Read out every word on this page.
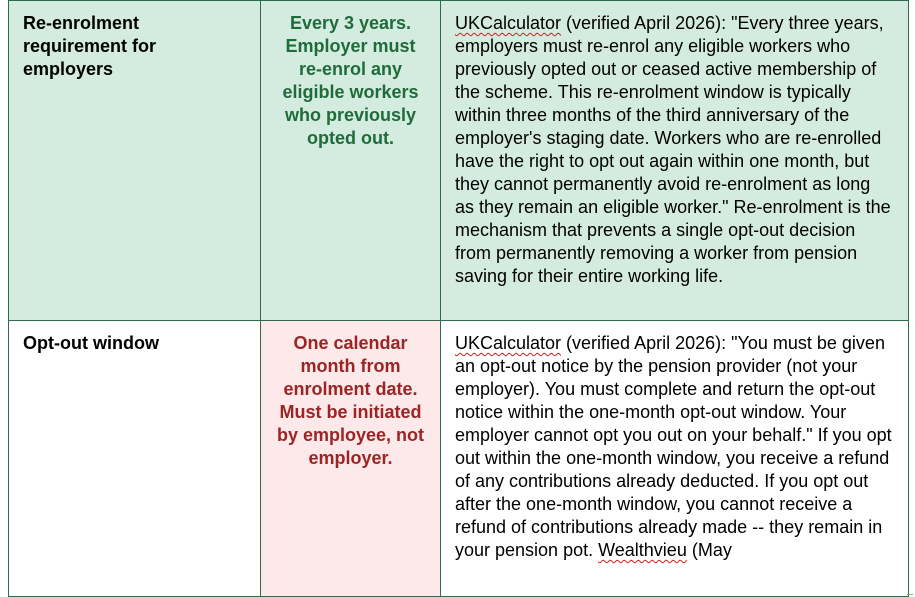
Re-enrolment requirement for employers	Every 3 years. Employer must re-enrol any eligible workers who previously opted out.	UKCalculator (verified April 2026): "Every three years, employers must re-enrol any eligible workers who previously opted out or ceased active membership of the scheme. This re-enrolment window is typically within three months of the third anniversary of the employer's staging date. Workers who are re-enrolled have the right to opt out again within one month, but they cannot permanently avoid re-enrolment as long as they remain an eligible worker." Re-enrolment is the mechanism that prevents a single opt-out decision from permanently removing a worker from pension saving for their entire working life.
Opt-out window	One calendar month from enrolment date. Must be initiated by employee, not employer.	UKCalculator (verified April 2026): "You must be given an opt-out notice by the pension provider (not your employer). You must complete and return the opt-out notice within the one-month opt-out window. Your employer cannot opt you out on your behalf." If you opt out within the one-month window, you receive a refund of any contributions already deducted. If you opt out after the one-month window, you cannot receive a refund of contributions already made -- they remain in your pension pot. Wealthvieu (May
